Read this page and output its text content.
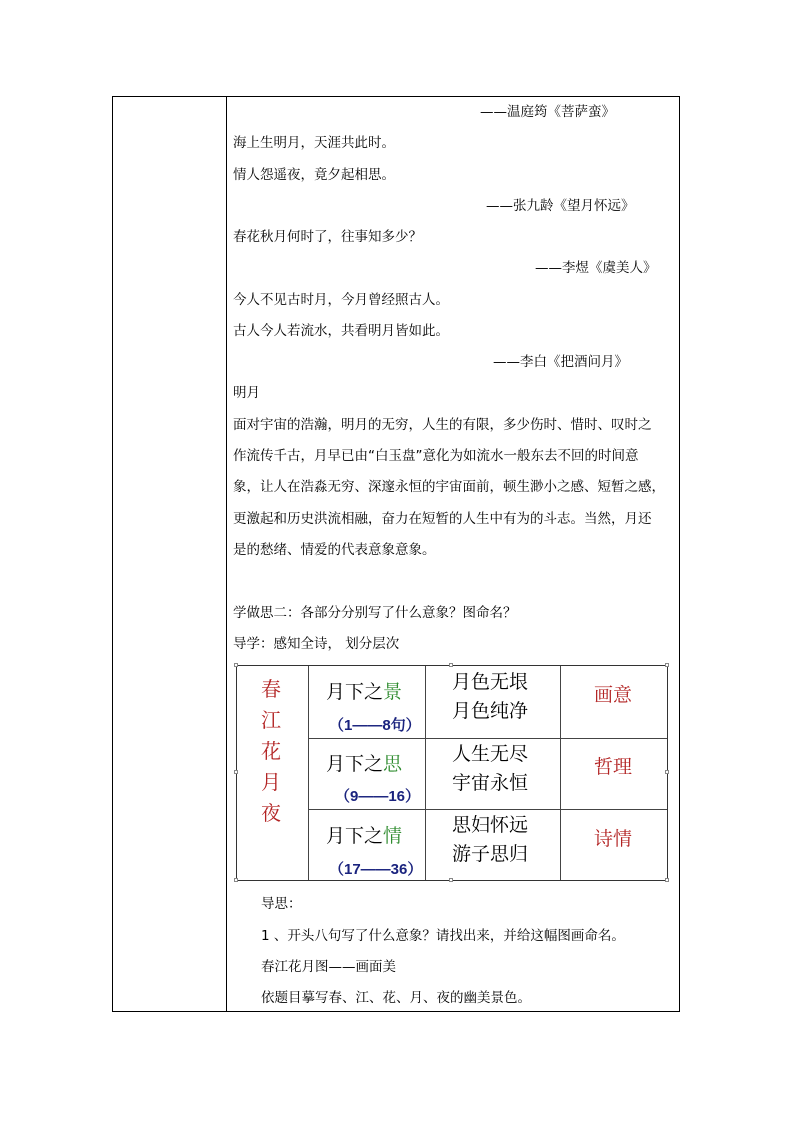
——温庭筠《菩萨蛮》
海上生明月，天涯共此时。
情人怨遥夜，竟夕起相思。
——张九龄《望月怀远》
春花秋月何时了，往事知多少？
——李煜《虞美人》
今人不见古时月，今月曾经照古人。
古人今人若流水，共看明月皆如此。
——李白《把酒问月》
明月
面对宇宙的浩瀚，明月的无穷，人生的有限，多少伤时、惜时、叹时之
作流传千古，月早已由“白玉盘”意化为如流水一般东去不回的时间意
象，让人在浩淼无穷、深邃永恒的宇宙面前，顿生渺小之感、短暂之感，
更激起和历史洪流相融，奋力在短暂的人生中有为的斗志。当然，月还
是的愁绪、情爱的代表意象意象。
学做思二：各部分分别写了什么意象？图命名？
导学：感知全诗， 划分层次
春
江
花
月
夜
月下之景
（1——8句）
月色无垠
月色纯净
画意
月下之思
（9——16）
人生无尽
宇宙永恒
哲理
月下之情
（17——36）
思妇怀远
游子思归
诗情
导思：
1 、开头八句写了什么意象？请找出来，并给这幅图画命名。
春江花月图——画面美
依题目摹写春、江、花、月、夜的幽美景色。
